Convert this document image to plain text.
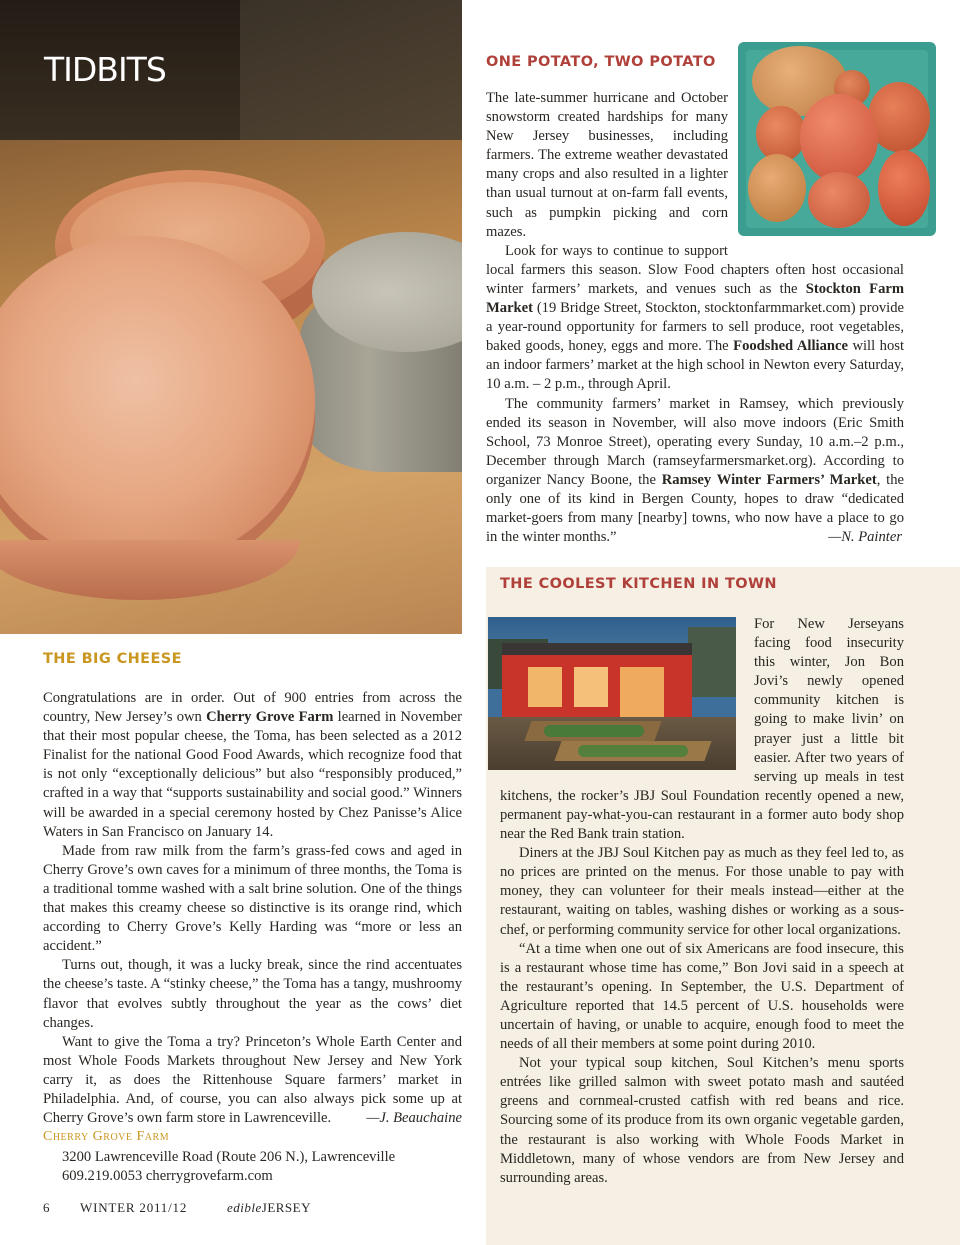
TIDBITS	ONE POTATO, TWO POTATO

The late-summer hurricane and October snowstorm created hardships for many New Jersey businesses, including farmers. The extreme weather devastated many crops and also resulted in a lighter than usual turnout at on-farm fall events, such as pumpkin picking and corn mazes.

Look for ways to continue to support local farmers this season. Slow Food chapters often host occasional winter farmers’ markets, and venues such as the Stockton Farm Market (19 Bridge Street, Stockton, stocktonfarmmarket.com) provide a year-round opportunity for farmers to sell produce, root vegetables, baked goods, honey, eggs and more. The Foodshed Alliance will host an indoor farmers’ market at the high school in Newton every Saturday, 10 a.m. – 2 p.m., through April.

The community farmers’ market in Ramsey, which previously ended its season in November, will also move indoors (Eric Smith School, 73 Monroe Street), operating every Sunday, 10 a.m.–2 p.m., December through March (ramseyfarmersmarket.org). According to organizer Nancy Boone, the Ramsey Winter Farmers’ Market, the only one of its kind in Bergen County, hopes to draw “dedicated market-goers from many [nearby] towns, who now have a place to go in the winter months.”	—N. Painter
THE BIG CHEESE

Congratulations are in order. Out of 900 entries from across the country, New Jersey’s own Cherry Grove Farm learned in November that their most popular cheese, the Toma, has been selected as a 2012 Finalist for the national Good Food Awards, which recognize food that is not only “exceptionally delicious” but also “responsibly produced,” crafted in a way that “supports sustainability and social good.” Winners will be awarded in a special ceremony hosted by Chez Panisse’s Alice Waters in San Francisco on January 14.

Made from raw milk from the farm’s grass-fed cows and aged in Cherry Grove’s own caves for a minimum of three months, the Toma is a traditional tomme washed with a salt brine solution. One of the things that makes this creamy cheese so distinctive is its orange rind, which according to Cherry Grove’s Kelly Harding was “more or less an accident.”

Turns out, though, it was a lucky break, since the rind accentuates the cheese’s taste. A “stinky cheese,” the Toma has a tangy, mushroomy flavor that evolves subtly throughout the year as the cows’ diet changes.

Want to give the Toma a try? Princeton’s Whole Earth Center and most Whole Foods Markets throughout New Jersey and New York carry it, as does the Rittenhouse Square farmers’ market in Philadelphia. And, of course, you can also always pick some up at Cherry Grove’s own farm store in Lawrenceville.	—J. Beauchaine
Cherry Grove Farm
3200 Lawrenceville Road (Route 206 N.), Lawrenceville
609.219.0053 cherrygrovefarm.com
6 WINTER 2011/12	edibleJERSEY
THE COOLEST KITCHEN IN TOWN

For New Jerseyans facing food insecurity this winter, Jon Bon Jovi’s newly opened community kitchen is going to make livin’ on prayer just a little bit easier. After two years of serving up meals in test kitchens, the rocker’s JBJ Soul Foundation recently opened a new, permanent pay-what-you-can restaurant in a former auto body shop near the Red Bank train station.

Diners at the JBJ Soul Kitchen pay as much as they feel led to, as no prices are printed on the menus. For those unable to pay with money, they can volunteer for their meals instead—either at the restaurant, waiting on tables, washing dishes or working as a sous-chef, or performing community service for other local organizations.

“At a time when one out of six Americans are food insecure, this is a restaurant whose time has come,” Bon Jovi said in a speech at the restaurant’s opening. In September, the U.S. Department of Agriculture reported that 14.5 percent of U.S. households were uncertain of having, or unable to acquire, enough food to meet the needs of all their members at some point during 2010.

Not your typical soup kitchen, Soul Kitchen’s menu sports entrées like grilled salmon with sweet potato mash and sautéed greens and cornmeal-crusted catfish with red beans and rice. Sourcing some of its produce from its own organic vegetable garden, the restaurant is also working with Whole Foods Market in Middletown, many of whose vendors are from New Jersey and surrounding areas.
